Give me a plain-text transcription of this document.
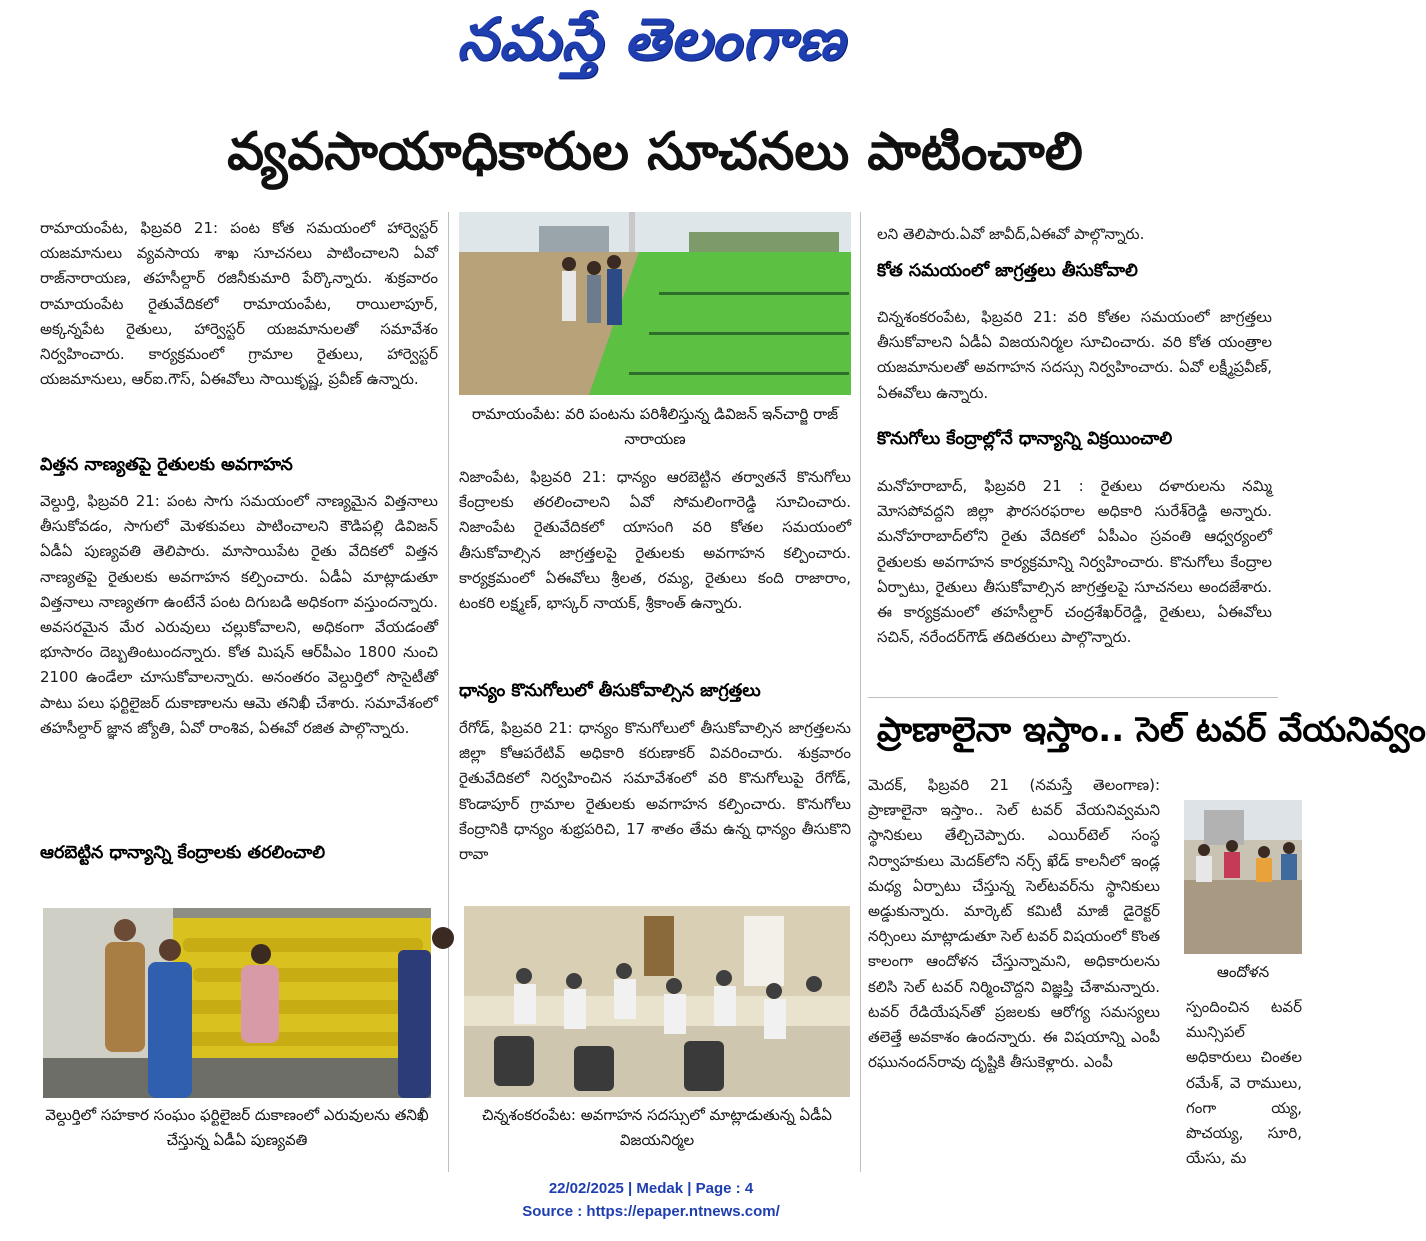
నమస్తే తెలంగాణ
వ్యవసాయాధికారుల సూచనలు పాటించాలి
రామాయంపేట, ఫిబ్రవరి 21: పంట కోత సమయంలో హార్వెస్టర్ యజమానులు వ్యవసాయ శాఖ సూచనలు పాటించాలని ఏవో రాజ్‌నారాయణ, తహసీల్దార్ రజినీకుమారి పేర్కొన్నారు. శుక్రవారం రామాయంపేట రైతువేదికలో రామాయంపేట, రాయిలాపూర్, అక్కన్నపేట రైతులు, హార్వెస్టర్ యజమానులతో సమావేశం నిర్వహించారు. కార్యక్రమంలో గ్రామాల రైతులు, హార్వెస్టర్ యజమానులు, ఆర్ఐ.గౌస్, ఏఈవోలు సాయికృష్ణ, ప్రవీణ్ ఉన్నారు.
విత్తన నాణ్యతపై రైతులకు అవగాహన
వెల్దుర్తి, ఫిబ్రవరి 21: పంట సాగు సమయంలో నాణ్యమైన విత్తనాలు తీసుకోవడం, సాగులో మెళకువలు పాటించాలని కౌడిపల్లి డివిజన్ ఏడీఏ పుణ్యవతి తెలిపారు. మాసాయిపేట రైతు వేదికలో విత్తన నాణ్యతపై రైతులకు అవగాహన కల్పించారు. ఏడీఏ మాట్లాడుతూ విత్తనాలు నాణ్యతగా ఉంటేనే పంట దిగుబడి అధికంగా వస్తుందన్నారు. అవసరమైన మేర ఎరువులు చల్లుకోవాలని, అధికంగా వేయడంతో భూసారం దెబ్బతింటుందన్నారు. కోత మిషన్ ఆర్‌పీఎం 1800 నుంచి 2100 ఉండేలా చూసుకోవాలన్నారు. అనంతరం వెల్దుర్తిలో సొసైటీతో పాటు పలు ఫర్టిలైజర్ దుకాణాలను ఆమె తనిఖీ చేశారు. సమావేశంలో తహసీల్దార్ జ్ఞాన జ్యోతి, ఏవో రాంశివ, ఏఈవో రజిత పాల్గొన్నారు.
ఆరబెట్టిన ధాన్యాన్ని కేంద్రాలకు తరలించాలి
వెల్దుర్తిలో సహకార సంఘం ఫర్టిలైజర్ దుకాణంలో ఎరువులను తనిఖీ చేస్తున్న ఏడీఏ పుణ్యవతి
రామాయంపేట: వరి పంటను పరిశీలిస్తున్న డివిజన్ ఇన్‌చార్జి రాజ్ నారాయణ
నిజాంపేట, ఫిబ్రవరి 21: ధాన్యం ఆరబెట్టిన తర్వాతనే కొనుగోలు కేంద్రాలకు తరలించాలని ఏవో సోమలింగారెడ్డి సూచించారు. నిజాంపేట రైతువేదికలో యాసంగి వరి కోతల సమయంలో తీసుకోవాల్సిన జాగ్రత్తలపై రైతులకు అవగాహన కల్పించారు. కార్యక్రమంలో ఏఈవోలు శ్రీలత, రమ్య, రైతులు కంది రాజారాం, టంకరి లక్ష్మణ్, భాస్కర్ నాయక్, శ్రీకాంత్ ఉన్నారు.
ధాన్యం కొనుగోలులో తీసుకోవాల్సిన జాగ్రత్తలు
రేగోడ్, ఫిబ్రవరి 21: ధాన్యం కొనుగోలులో తీసుకోవాల్సిన జాగ్రత్తలను జిల్లా కోఆపరేటివ్ అధికారి కరుణాకర్ వివరించారు. శుక్రవారం రైతువేదికలో నిర్వహించిన సమావేశంలో వరి కొనుగోలుపై రేగోడ్, కొండాపూర్ గ్రామాల రైతులకు అవగాహన కల్పించారు. కొనుగోలు కేంద్రానికి ధాన్యం శుభ్రపరిచి, 17 శాతం తేమ ఉన్న ధాన్యం తీసుకొని రావా
చిన్నశంకరంపేట: అవగాహన సదస్సులో మాట్లాడుతున్న ఏడీఏ విజయనిర్మల
లని తెలిపారు.ఏవో జావీద్,ఏఈవో పాల్గొన్నారు.
కోత సమయంలో జాగ్రత్తలు తీసుకోవాలి
చిన్నశంకరంపేట, ఫిబ్రవరి 21: వరి కోతల సమయంలో జాగ్రత్తలు తీసుకోవాలని ఏడీఏ విజయనిర్మల సూచించారు. వరి కోత యంత్రాల యజమానులతో అవగాహన సదస్సు నిర్వహించారు. ఏవో లక్ష్మీప్రవీణ్, ఏఈవోలు ఉన్నారు.
కొనుగోలు కేంద్రాల్లోనే ధాన్యాన్ని విక్రయించాలి
మనోహరాబాద్, ఫిబ్రవరి 21 : రైతులు దళారులను నమ్మి మోసపోవద్దని జిల్లా ఫౌరసరఫరాల అధికారి సురేశ్‌రెడ్డి అన్నారు. మనోహరాబాద్‌లోని రైతు వేదికలో ఏపీఎం స్రవంతి ఆధ్వర్యంలో రైతులకు అవగాహన కార్యక్రమాన్ని నిర్వహించారు. కొనుగోలు కేంద్రాల ఏర్పాటు, రైతులు తీసుకోవాల్సిన జాగ్రత్తలపై సూచనలు అందజేశారు. ఈ కార్యక్రమంలో తహసీల్దార్ చంద్రశేఖర్‌రెడ్డి, రైతులు, ఏఈవోలు సచిన్, నరేందర్‌గౌడ్ తదితరులు పాల్గొన్నారు.
ప్రాణాలైనా ఇస్తాం.. సెల్ టవర్ వేయనివ్వం
మెదక్, ఫిబ్రవరి 21 (నమస్తే తెలంగాణ): ప్రాణాలైనా ఇస్తాం.. సెల్ టవర్ వేయనివ్వమని స్థానికులు తేల్చిచెప్పారు. ఎయిర్‌టెల్ సంస్థ నిర్వాహకులు మెదక్‌లోని నర్స్ ఖేడ్ కాలనీలో ఇండ్ల మధ్య ఏర్పాటు చేస్తున్న సెల్‌టవర్‌ను స్థానికులు అడ్డుకున్నారు. మార్కెట్ కమిటీ మాజీ డైరెక్టర్ నర్సింలు మాట్లాడుతూ సెల్ టవర్ విషయంలో కొంత కాలంగా ఆందోళన చేస్తున్నామని, అధికారులను కలిసి సెల్ టవర్ నిర్మించొద్దని విజ్ఞప్తి చేశామన్నారు. టవర్ రేడియేషన్‌తో ప్రజలకు ఆరోగ్య సమస్యలు తలెత్తే అవకాశం ఉందన్నారు. ఈ విషయాన్ని ఎంపీ రఘునందన్‌రావు దృష్టికి తీసుకెళ్లారు. ఎంపీ
ఆందోళన
స్పందించిన టవర్ మున్సిపల్ అధికారులు చింతల రమేశ్, వె రాములు, గంగా య్య, పొచయ్య, సూరి, యేసు, మ
22/02/2025 | Medak | Page : 4
Source : https://epaper.ntnews.com/
